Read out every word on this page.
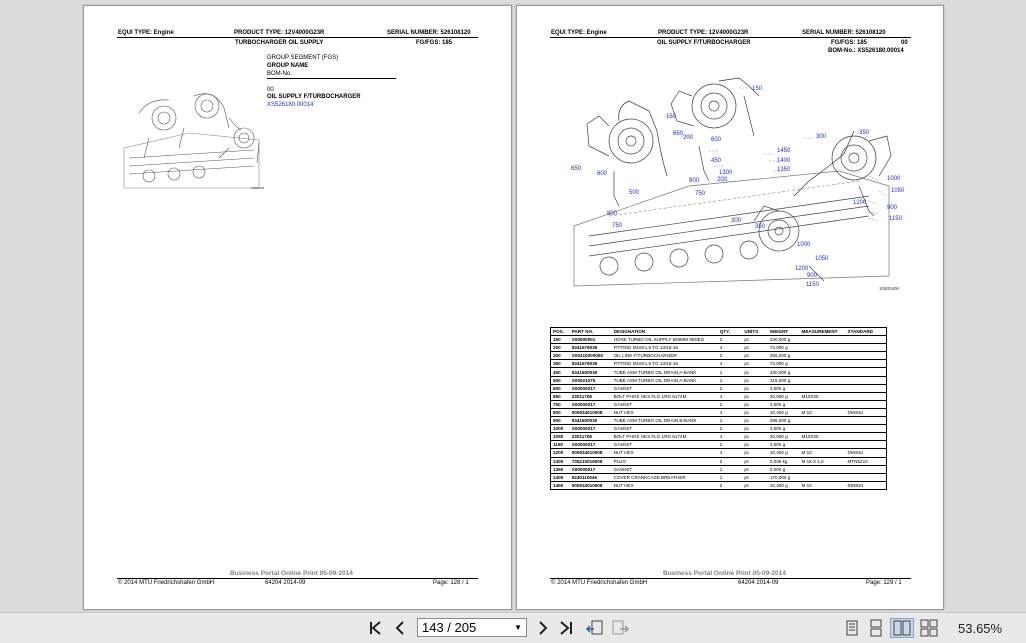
EQUI TYPE: Engine	PRODUCT TYPE: 12V4000G23R	SERIAL NUMBER: 526108120
TURBOCHARGER OIL SUPPLY	FG/FGS: 185
GROUP SEGMENT (FGS)
GROUP NAME
BOM-No.
00
OIL SUPPLY F/TURBOCHARGER
XS526180.00014
10500406
Business Portal Online Print 05-09-2014
© 2014 MTU Friedrichshafen GmbH	64204 2014-09	Page: 128 / 1
EQUI TYPE: Engine	PRODUCT TYPE: 12V4000G23R	SERIAL NUMBER: 526108120
OIL SUPPLY F/TURBOCHARGER	FG/FGS: 185	00
BOM-No.: XS526180.00014
150
150
200
650
600
450
200
800
750
1300
1450
1400
1350
300
350
1000
1050
900
1150
1200
650
600
500
800
750
300
350
1000
1050
900
1200
1150
10500406
POS.	PART NO.	DESIGNATION	QTY.	UNITS	WEIGHT	MEASUREMENT	STANDARD
150	X00000001	HOSE TURBO OIL SUPPLY 560MM 90DEG	2	pc	230,000 g		
200	5341676035	FITTING M18X1,5 TO 13/16-16	4	pc	73,000 g		
300	X00410000000	OIL LINE F/TURBOCHARGER	2	pc	255,000 g		
350	5341676035	FITTING M18X1,5 TO 13/16-16	4	pc	73,000 g		
450	5341600030	TUBE ASM TURBO OIL DRAIN A-BANK	1	pc	330,000 g		
500	X00021075	TUBE ASM TURBO OIL DRAIN A-BANK	1	pc	315,000 g		
600	X00000017	GASKET	2	pc	3,000 g		
650	23011706	BOLT PHOS HEX FLG LRG 6174M	4	pc	20,000 g	M10X25	
750	X00000017	GASKET	2	pc	3,000 g		
800	000934010008	NUT HEX	4	pc	10,400 g	M 10	DIN934
900	5341600030	TUBE ASM TURBO OIL DRAIN B-BANK	1	pc	295,000 g		
1000	X00000017	GASKET	2	pc	3,000 g		
1050	23011706	BOLT PHOS HEX FLG LRG 6174M	4	pc	20,000 g	M10X25	
1150	X00000017	GASKET	2	pc	3,000 g		
1200	000934010008	NUT HEX	4	pc	10,400 g	M 10	DIN934
1300	735210016008	PLUG	2	pc	0,036 kg	M 18 X 1,5	MTN5210
1350	X00000017	GASKET	1	pc	3,000 g		
1400	5240110046	COVER CRANKCASE BREATHER	1	pc	170,000 g		
1450	000934010008	NUT HEX	2	pc	10,400 g	M 10	DIN934
Business Portal Online Print 05-09-2014
© 2014 MTU Friedrichshafen GmbH	64204 2014-09	Page: 129 / 1
143 / 205	▼	53.65%
